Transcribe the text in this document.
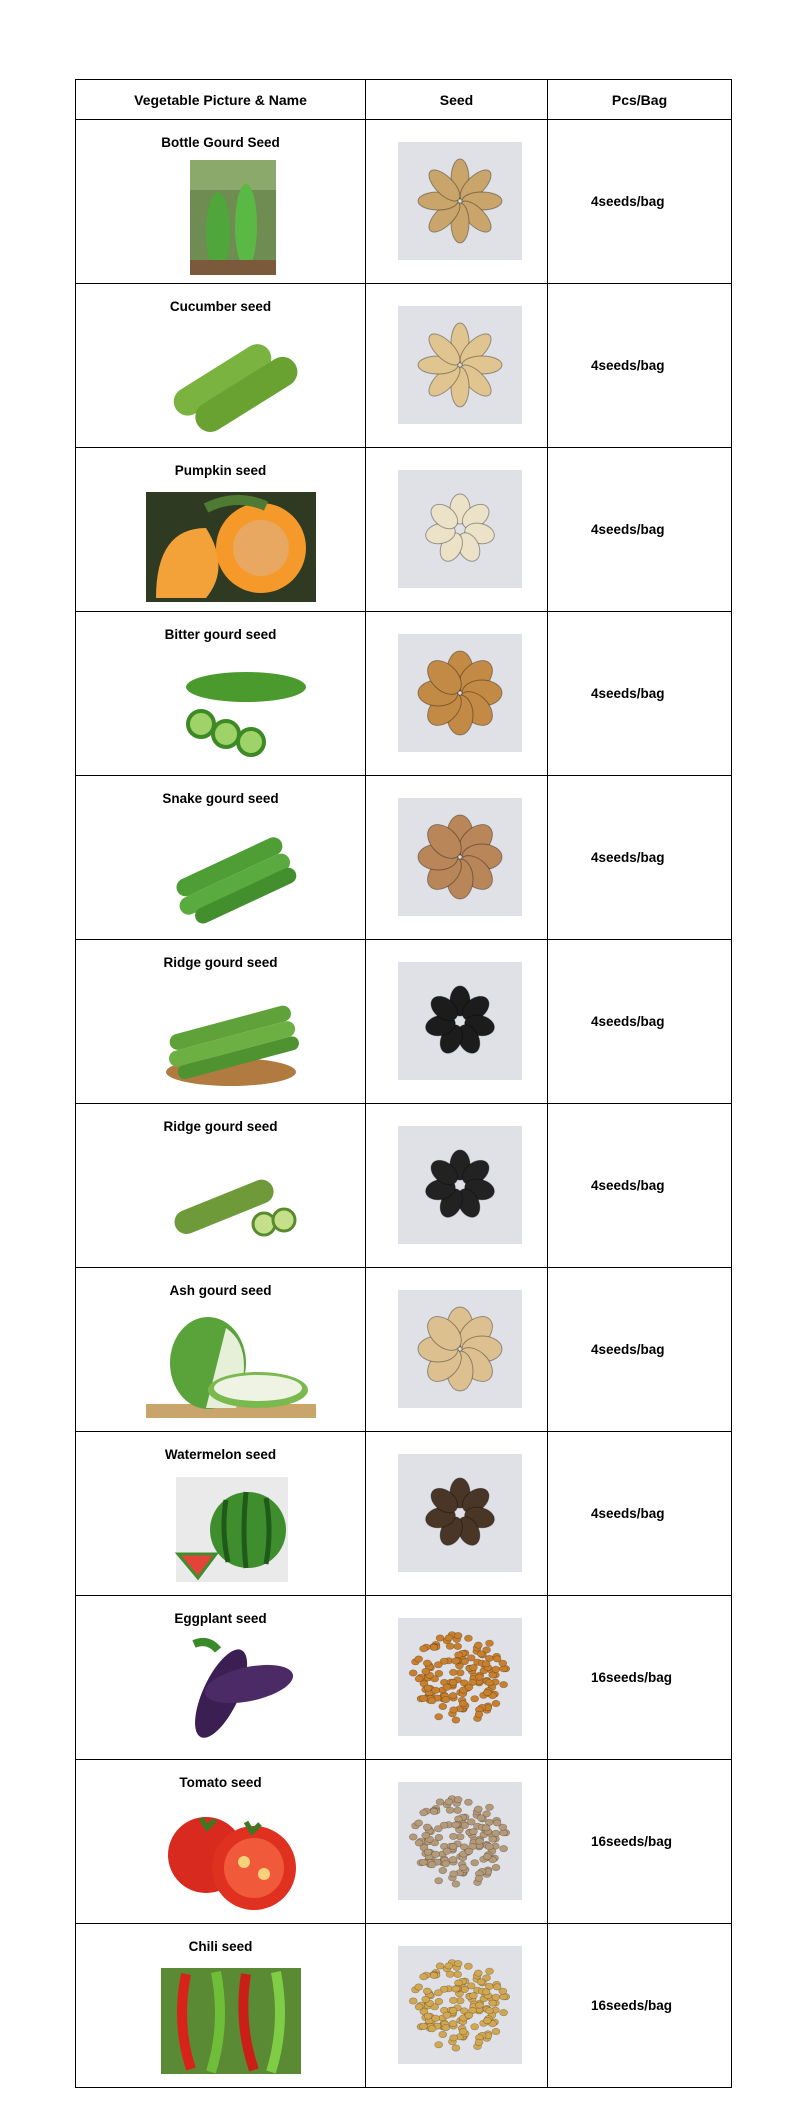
Vegetable Picture & Name	Seed	Pcs/Bag

Bottle Gourd Seed		4seeds/bag

Cucumber seed		4seeds/bag

Pumpkin seed		4seeds/bag

Bitter gourd seed		4seeds/bag

Snake gourd seed		4seeds/bag

Ridge gourd seed		4seeds/bag

Ridge gourd seed		4seeds/bag

Ash gourd seed		4seeds/bag

Watermelon seed		4seeds/bag

Eggplant seed		16seeds/bag

Tomato seed		16seeds/bag

Chili seed		16seeds/bag
